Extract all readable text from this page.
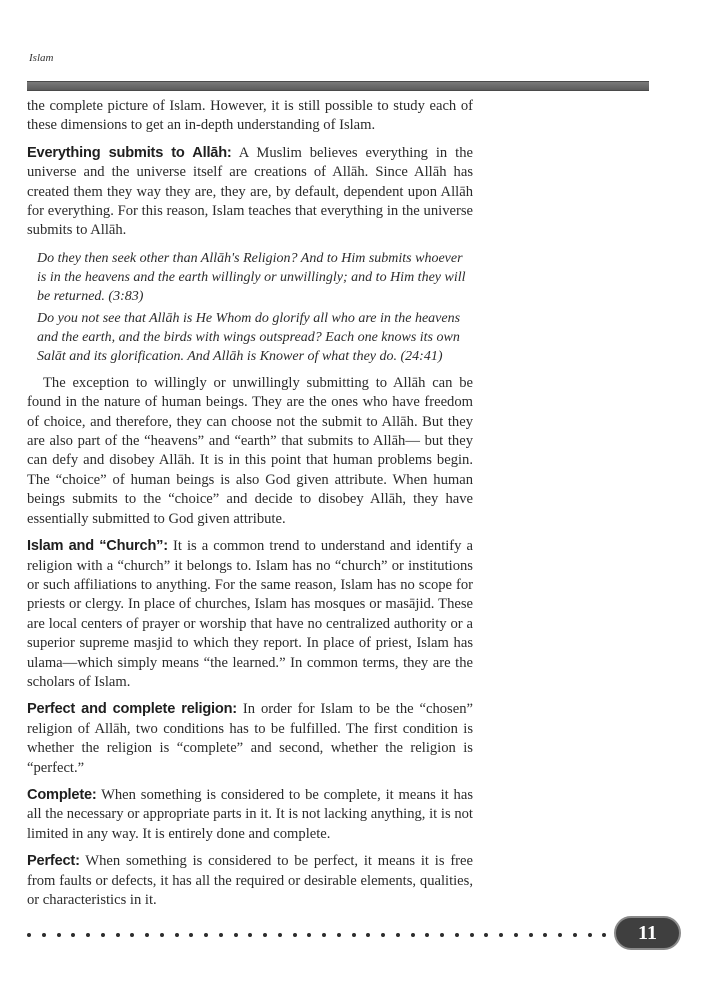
Islam

the complete picture of Islam. However, it is still possible to study each of these dimensions to get an in-depth understanding of Islam.

Everything submits to Allāh: A Muslim believes everything in the universe and the universe itself are creations of Allāh. Since Allāh has created them they way they are, they are, by default, dependent upon Allāh for everything. For this reason, Islam teaches that everything in the universe submits to Allāh.

Do they then seek other than Allāh's Religion? And to Him submits whoever is in the heavens and the earth willingly or unwillingly; and to Him they will be returned. (3:83)

Do you not see that Allāh is He Whom do glorify all who are in the heavens and the earth, and the birds with wings outspread? Each one knows its own Salāt and its glorification. And Allāh is Knower of what they do. (24:41)

The exception to willingly or unwillingly submitting to Allāh can be found in the nature of human beings. They are the ones who have freedom of choice, and therefore, they can choose not the submit to Allāh. But they are also part of the “heavens” and “earth” that submits to Allāh— but they can defy and disobey Allāh. It is in this point that human problems begin. The “choice” of human beings is also God given attribute. When human beings submits to the “choice” and decide to disobey Allāh, they have essentially submitted to God given attribute.

Islam and “Church”: It is a common trend to understand and identify a religion with a “church” it belongs to. Islam has no “church” or institutions or such affiliations to anything. For the same reason, Islam has no scope for priests or clergy. In place of churches, Islam has mosques or masājid. These are local centers of prayer or worship that have no centralized authority or a superior supreme masjid to which they report. In place of priest, Islam has ulama—which simply means “the learned.” In common terms, they are the scholars of Islam.

Perfect and complete religion: In order for Islam to be the “chosen” religion of Allāh, two conditions has to be fulfilled. The first condition is whether the religion is “complete” and second, whether the religion is “perfect.”

Complete: When something is considered to be complete, it means it has all the necessary or appropriate parts in it. It is not lacking anything, it is not limited in any way. It is entirely done and complete.

Perfect: When something is considered to be perfect, it means it is free from faults or defects, it has all the required or desirable elements, qualities, or characteristics in it.

11
